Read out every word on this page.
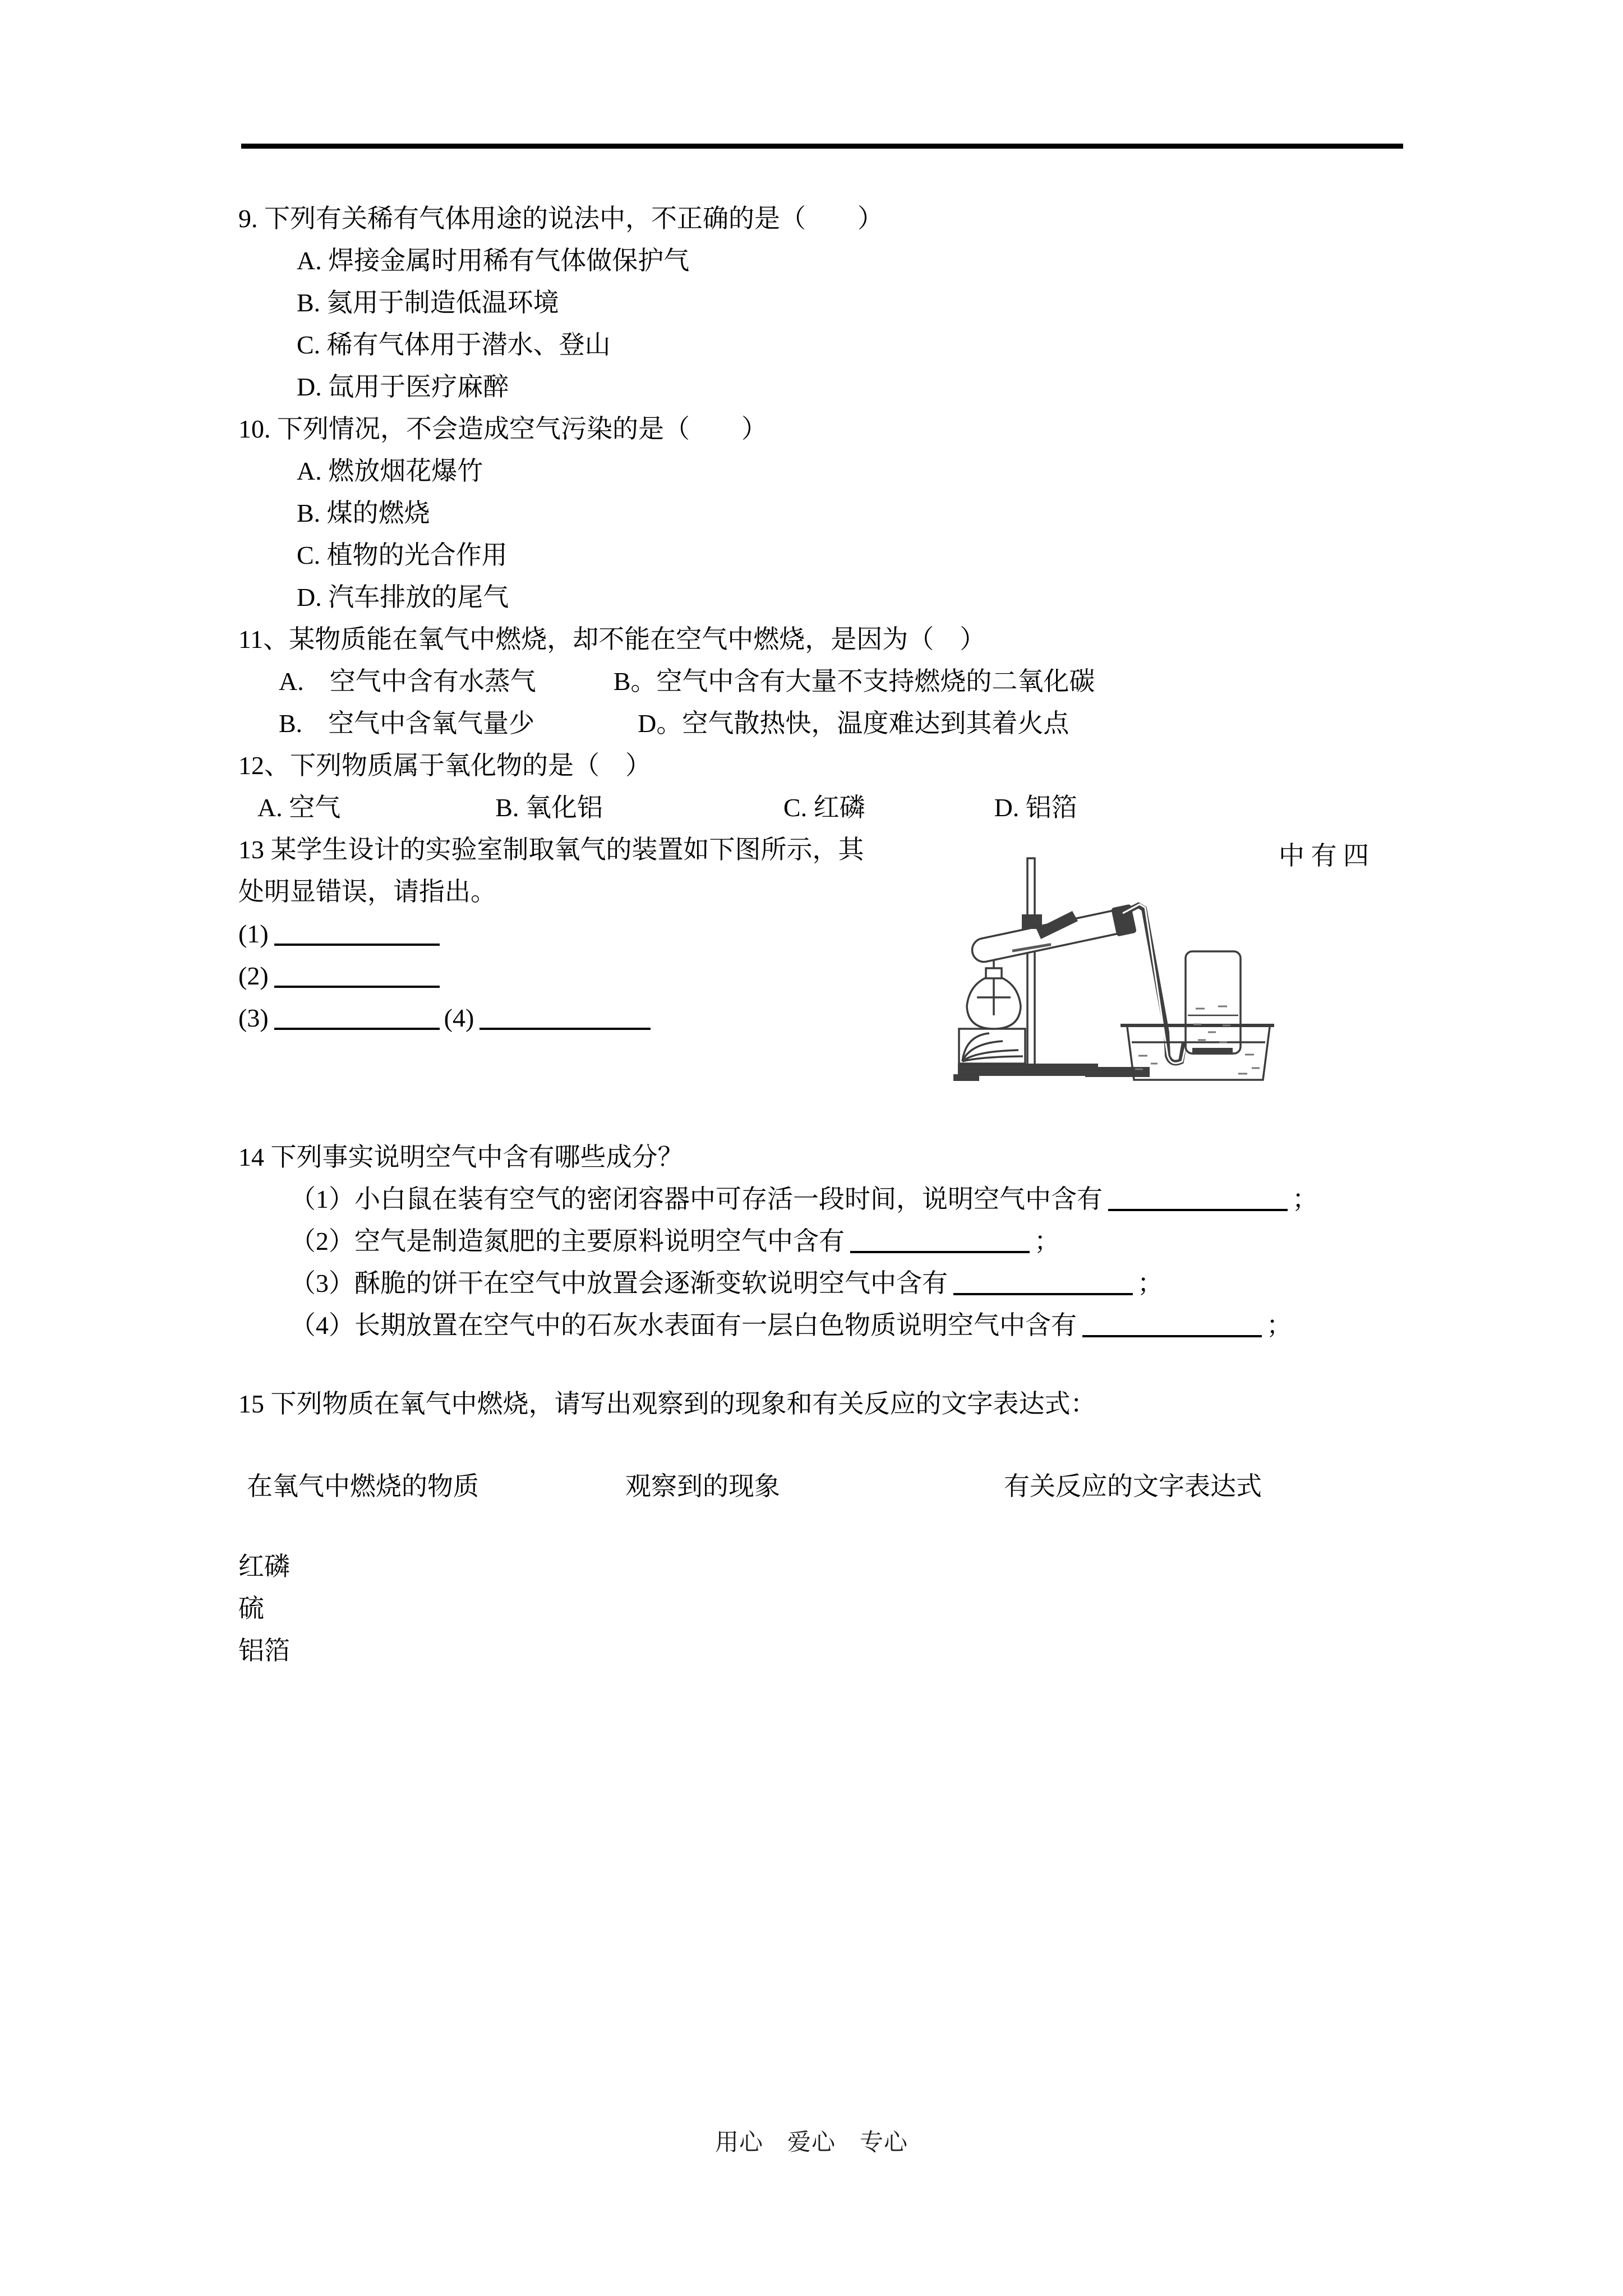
9. 下列有关稀有气体用途的说法中，不正确的是（　　）
A. 焊接金属时用稀有气体做保护气
B. 氦用于制造低温环境
C. 稀有气体用于潜水、登山
D. 氙用于医疗麻醉
10. 下列情况，不会造成空气污染的是（　　）
A. 燃放烟花爆竹
B. 煤的燃烧
C. 植物的光合作用
D. 汽车排放的尾气
11、某物质能在氧气中燃烧，却不能在空气中燃烧，是因为（　）
A.　空气中含有水蒸气　　　B。空气中含有大量不支持燃烧的二氧化碳
B.　空气中含氧气量少　　　　D。空气散热快，温度难达到其着火点
12、下列物质属于氧化物的是（　）
A. 空气　　　　　　B. 氧化铝　　　　　　　C. 红磷　　　　　D. 铝箔
13 某学生设计的实验室制取氧气的装置如下图所示，其
处明显错误，请指出。
(1)
(2)
(3)	(4)
14 下列事实说明空气中含有哪些成分？
（1）小白鼠在装有空气的密闭容器中可存活一段时间，说明空气中含有	；
（2）空气是制造氮肥的主要原料说明空气中含有	；
（3）酥脆的饼干在空气中放置会逐渐变软说明空气中含有	；
（4）长期放置在空气中的石灰水表面有一层白色物质说明空气中含有	；
15 下列物质在氧气中燃烧，请写出观察到的现象和有关反应的文字表达式：
在氧气中燃烧的物质	观察到的现象	有关反应的文字表达式
红磷
硫
铝箔
中 有 四
用心　爱心　专心
